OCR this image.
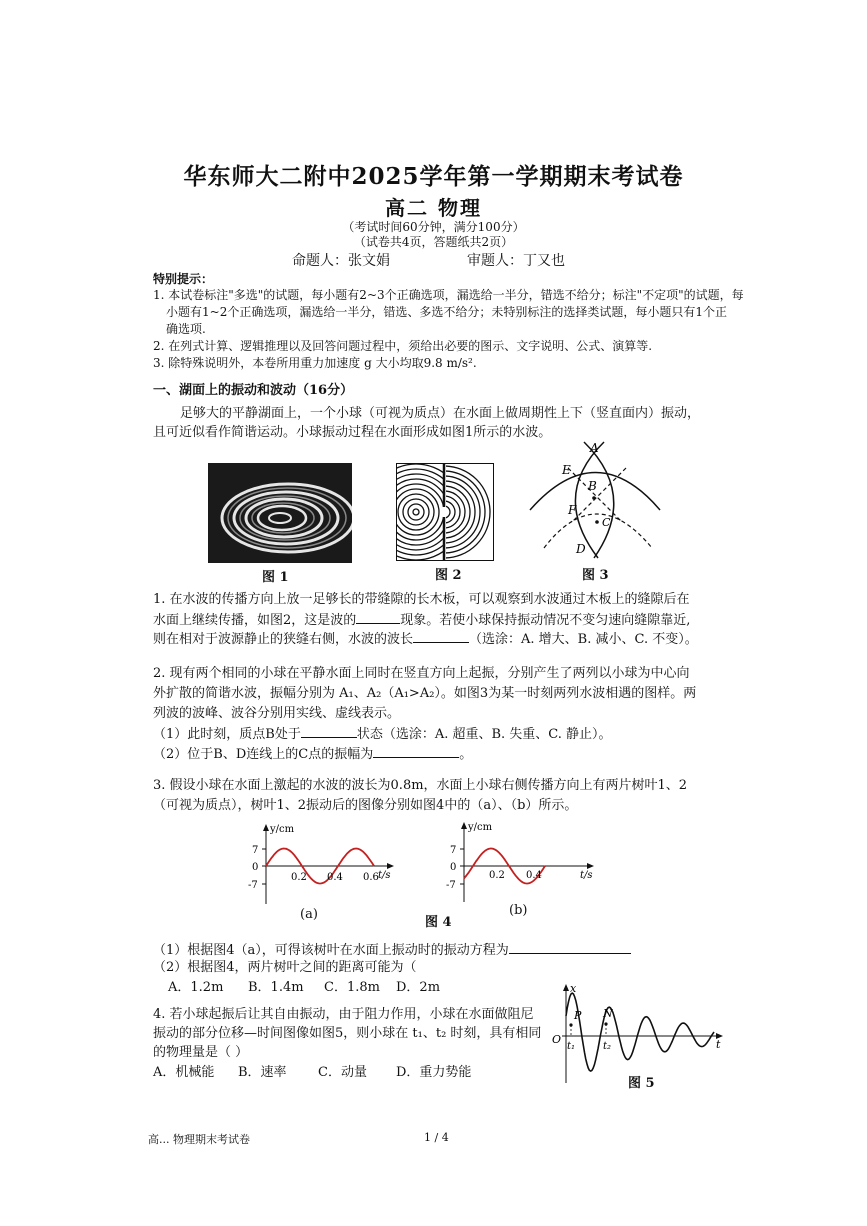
华东师大二附中2025学年第一学期期末考试卷
高二 物理
（考试时间60分钟，满分100分）
（试卷共4页，答题纸共2页）
命题人：张文娟	审题人：丁又也
特别提示：
1. 本试卷标注"多选"的试题，每小题有2~3个正确选项，漏选给一半分，错选不给分；标注"不定项"的试题，每
小题有1~2个正确选项，漏选给一半分，错选、多选不给分；未特别标注的选择类试题，每小题只有1个正
确选项.
2. 在列式计算、逻辑推理以及回答问题过程中，须给出必要的图示、文字说明、公式、演算等.
3. 除特殊说明外，本卷所用重力加速度 g 大小均取9.8 m/s².
一、湖面上的振动和波动（16分）
足够大的平静湖面上，一个小球（可视为质点）在水面上做周期性上下（竖直面内）振动，
且可近似看作简谐运动。小球振动过程在水面形成如图1所示的水波。
图 1	图 2
A
E
B
F
C
D
图 3
1. 在水波的传播方向上放一足够长的带缝隙的长木板，可以观察到水波通过木板上的缝隙后在
水面上继续传播，如图2，这是波的	现象。若使小球保持振动情况不变匀速向缝隙靠近,
则在相对于波源静止的狭缝右侧，水波的波长	（选涂：A. 增大、B. 减小、C. 不变）。
2. 现有两个相同的小球在平静水面上同时在竖直方向上起振，分别产生了两列以小球为中心向
外扩散的简谐水波，振幅分别为 A₁、A₂（A₁>A₂）。如图3为某一时刻两列水波相遇的图样。两
列波的波峰、波谷分别用实线、虚线表示。
（1）此时刻，质点B处于	状态（选涂：A. 超重、B. 失重、C. 静止）。
（2）位于B、D连线上的C点的振幅为	。
3. 假设小球在水面上激起的水波的波长为0.8m，水面上小球右侧传播方向上有两片树叶1、2
（可视为质点），树叶1、2振动后的图像分别如图4中的（a）、（b）所示。
y/cm
t/s
7
0
-7
0.2 0.4 0.6
(a)
y/cm
t/s
7
0
-7
0.2 0.4
(b)
图 4
（1）根据图4（a），可得该树叶在水面上振动时的振动方程为
（2）根据图4，两片树叶之间的距离可能为（
A．1.2m B．1.4m C．1.8m D．2m
4. 若小球起振后让其自由振动，由于阻力作用，小球在水面做阻尼
振动的部分位移—时间图像如图5，则小球在 t₁、t₂ 时刻，具有相同
的物理量是（ ）
A．机械能 B．速率 C．动量 D．重力势能
x
t
O
P N
t₁	t₂
图 5
高... 物理期末考试卷	1 / 4
